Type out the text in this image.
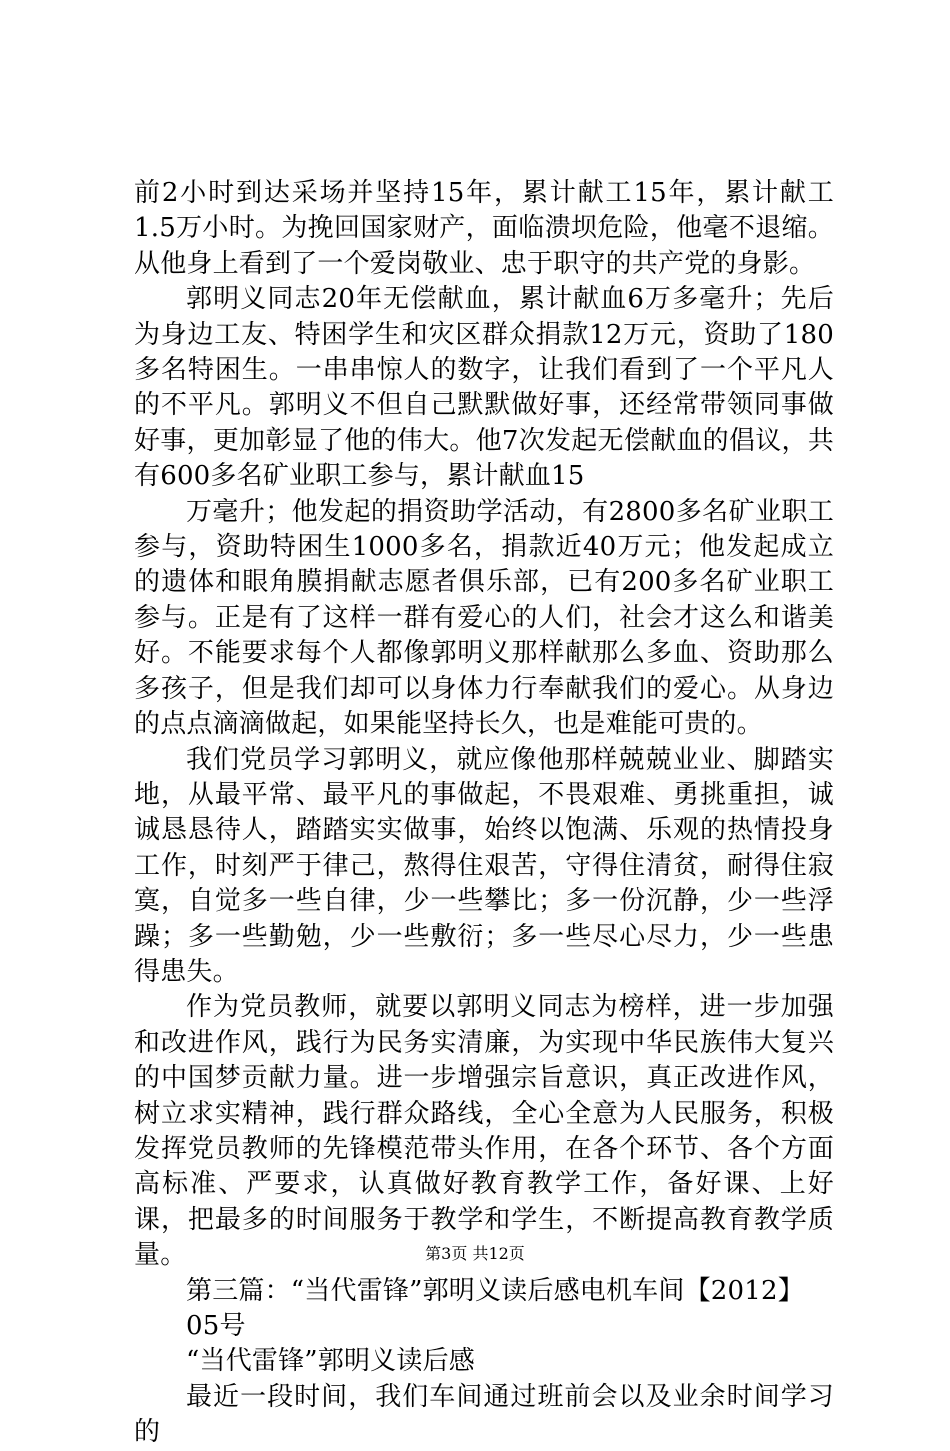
前2小时到达采场并坚持15年，累计献工15年，累计献工1.5万小时。为挽回国家财产，面临溃坝危险，他毫不退缩。从他身上看到了一个爱岗敬业、忠于职守的共产党的身影。

郭明义同志20年无偿献血，累计献血6万多毫升；先后为身边工友、特困学生和灾区群众捐款12万元，资助了180多名特困生。一串串惊人的数字，让我们看到了一个平凡人的不平凡。郭明义不但自己默默做好事，还经常带领同事做好事，更加彰显了他的伟大。他7次发起无偿献血的倡议，共有600多名矿业职工参与，累计献血15

万毫升；他发起的捐资助学活动，有2800多名矿业职工参与，资助特困生1000多名，捐款近40万元；他发起成立的遗体和眼角膜捐献志愿者俱乐部，已有200多名矿业职工参与。正是有了这样一群有爱心的人们，社会才这么和谐美好。不能要求每个人都像郭明义那样献那么多血、资助那么多孩子，但是我们却可以身体力行奉献我们的爱心。从身边的点点滴滴做起，如果能坚持长久，也是难能可贵的。

我们党员学习郭明义，就应像他那样兢兢业业、脚踏实地，从最平常、最平凡的事做起，不畏艰难、勇挑重担，诚诚恳恳待人，踏踏实实做事，始终以饱满、乐观的热情投身工作，时刻严于律己，熬得住艰苦，守得住清贫，耐得住寂寞，自觉多一些自律，少一些攀比；多一份沉静，少一些浮躁；多一些勤勉，少一些敷衍；多一些尽心尽力，少一些患得患失。

作为党员教师，就要以郭明义同志为榜样，进一步加强和改进作风，践行为民务实清廉，为实现中华民族伟大复兴的中国梦贡献力量。进一步增强宗旨意识，真正改进作风，树立求实精神，践行群众路线，全心全意为人民服务，积极发挥党员教师的先锋模范带头作用，在各个环节、各个方面高标准、严要求，认真做好教育教学工作，备好课、上好课，把最多的时间服务于教学和学生，不断提高教育教学质量。

第三篇：“当代雷锋”郭明义读后感电机车间【2012】

05号

“当代雷锋”郭明义读后感

最近一段时间，我们车间通过班前会以及业余时间学习的

第3页 共12页
